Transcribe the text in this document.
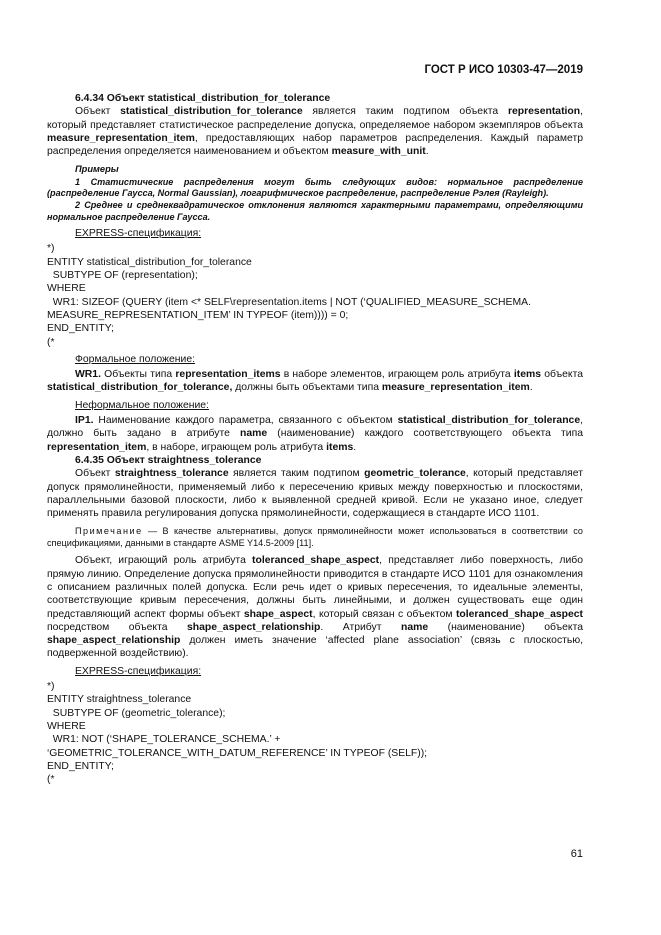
ГОСТ Р ИСО 10303-47—2019

6.4.34 Объект statistical_distribution_for_tolerance

Объект statistical_distribution_for_tolerance является таким подтипом объекта representation, который представляет статистическое распределение допуска, определяемое набором экземпляров объекта measure_representation_item, предоставляющих набор параметров распределения. Каждый параметр распределения определяется наименованием и объектом measure_with_unit.

Примеры

1 Статистические распределения могут быть следующих видов: нормальное распределение (распределение Гаусса, Normal Gaussian), логарифмическое распределение, распределение Рэлея (Rayleigh).

2 Среднее и среднеквадратическое отклонения являются характерными параметрами, определяющими нормальное распределение Гаусса.

EXPRESS-спецификация:

*)
ENTITY statistical_distribution_for_tolerance
SUBTYPE OF (representation);
WHERE
WR1: SIZEOF (QUERY (item <* SELF\representation.items | NOT (‘QUALIFIED_MEASURE_SCHEMA.
MEASURE_REPRESENTATION_ITEM’ IN TYPEOF (item)))) = 0;
END_ENTITY;
(*

Формальное положение:

WR1. Объекты типа representation_items в наборе элементов, играющем роль атрибута items объекта statistical_distribution_for_tolerance, должны быть объектами типа measure_representation_item.

Неформальное положение:

IP1. Наименование каждого параметра, связанного с объектом statistical_distribution_for_tolerance, должно быть задано в атрибуте name (наименование) каждого соответствующего объекта типа representation_item, в наборе, играющем роль атрибута items.

6.4.35 Объект straightness_tolerance

Объект straightness_tolerance является таким подтипом geometric_tolerance, который представляет допуск прямолинейности, применяемый либо к пересечению кривых между поверхностью и плоскостями, параллельными базовой плоскости, либо к выявленной средней кривой. Если не указано иное, следует применять правила регулирования допуска прямолинейности, содержащиеся в стандарте ИСО 1101.

Примечание — В качестве альтернативы, допуск прямолинейности может использоваться в соответствии со спецификациями, данными в стандарте ASME Y14.5-2009 [11].

Объект, играющий роль атрибута toleranced_shape_aspect, представляет либо поверхность, либо прямую линию. Определение допуска прямолинейности приводится в стандарте ИСО 1101 для ознакомления с описанием различных полей допуска. Если речь идет о кривых пересечения, то идеальные элементы, соответствующие кривым пересечения, должны быть линейными, и должен существовать еще один представляющий аспект формы объект shape_aspect, который связан с объектом toleranced_shape_aspect посредством объекта shape_aspect_relationship. Атрибут name (наименование) объекта shape_aspect_relationship должен иметь значение ‘affected plane association’ (связь с плоскостью, подверженной воздействию).

EXPRESS-спецификация:

*)
ENTITY straightness_tolerance
SUBTYPE OF (geometric_tolerance);
WHERE
WR1: NOT (‘SHAPE_TOLERANCE_SCHEMA.’ +
‘GEOMETRIC_TOLERANCE_WITH_DATUM_REFERENCE’ IN TYPEOF (SELF));
END_ENTITY;
(*
61
